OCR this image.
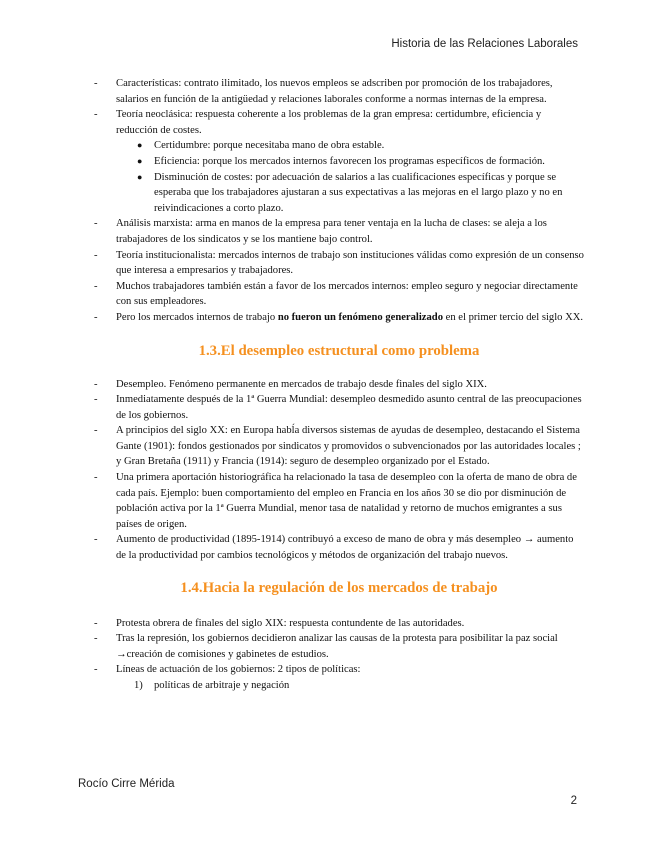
Historia de las Relaciones Laborales
- Características: contrato ilimitado, los nuevos empleos se adscriben por promoción de los trabajadores, salarios en función de la antigüedad y relaciones laborales conforme a normas internas de la empresa.
- Teoría neoclásica: respuesta coherente a los problemas de la gran empresa: certidumbre, eficiencia y reducción de costes.
● Certidumbre: porque necesitaba mano de obra estable.
● Eficiencia: porque los mercados internos favorecen los programas específicos de formación.
● Disminución de costes: por adecuación de salarios a las cualificaciones específicas y porque se esperaba que los trabajadores ajustaran a sus expectativas a las mejoras en el largo plazo y no en reivindicaciones a corto plazo.
- Análisis marxista: arma en manos de la empresa para tener ventaja en la lucha de clases: se aleja a los trabajadores de los sindicatos y se los mantiene bajo control.
- Teoría institucionalista: mercados internos de trabajo son instituciones válidas como expresión de un consenso que interesa a empresarios y trabajadores.
- Muchos trabajadores también están a favor de los mercados internos: empleo seguro y negociar directamente con sus empleadores.
- Pero los mercados internos de trabajo no fueron un fenómeno generalizado en el primer tercio del siglo XX.
1.3.El desempleo estructural como problema
- Desempleo. Fenómeno permanente en mercados de trabajo desde finales del siglo XIX.
- Inmediatamente después de la 1ª Guerra Mundial: desempleo desmedido asunto central de las preocupaciones de los gobiernos.
- A principios del siglo XX: en Europa habĺa diversos sistemas de ayudas de desempleo, destacando el Sistema Gante (1901): fondos gestionados por sindicatos y promovidos o subvencionados por las autoridades locales ; y Gran Bretaña (1911) y Francia (1914): seguro de desempleo organizado por el Estado.
- Una primera aportación historiográfica ha relacionado la tasa de desempleo con la oferta de mano de obra de cada país. Ejemplo: buen comportamiento del empleo en Francia en los años 30 se dio por disminución de población activa por la 1ª Guerra Mundial, menor tasa de natalidad y retorno de muchos emigrantes a sus países de origen.
- Aumento de productividad (1895-1914) contribuyó a exceso de mano de obra y más desempleo → aumento de la productividad por cambios tecnológicos y métodos de organización del trabajo nuevos.
1.4.Hacia la regulación de los mercados de trabajo
- Protesta obrera de finales del siglo XIX: respuesta contundente de las autoridades.
- Tras la represión, los gobiernos decidieron analizar las causas de la protesta para posibilitar la paz social →creación de comisiones y gabinetes de estudios.
- Líneas de actuación de los gobiernos: 2 tipos de políticas:
1) políticas de arbitraje y negación
Rocío Cirre Mérida
2
